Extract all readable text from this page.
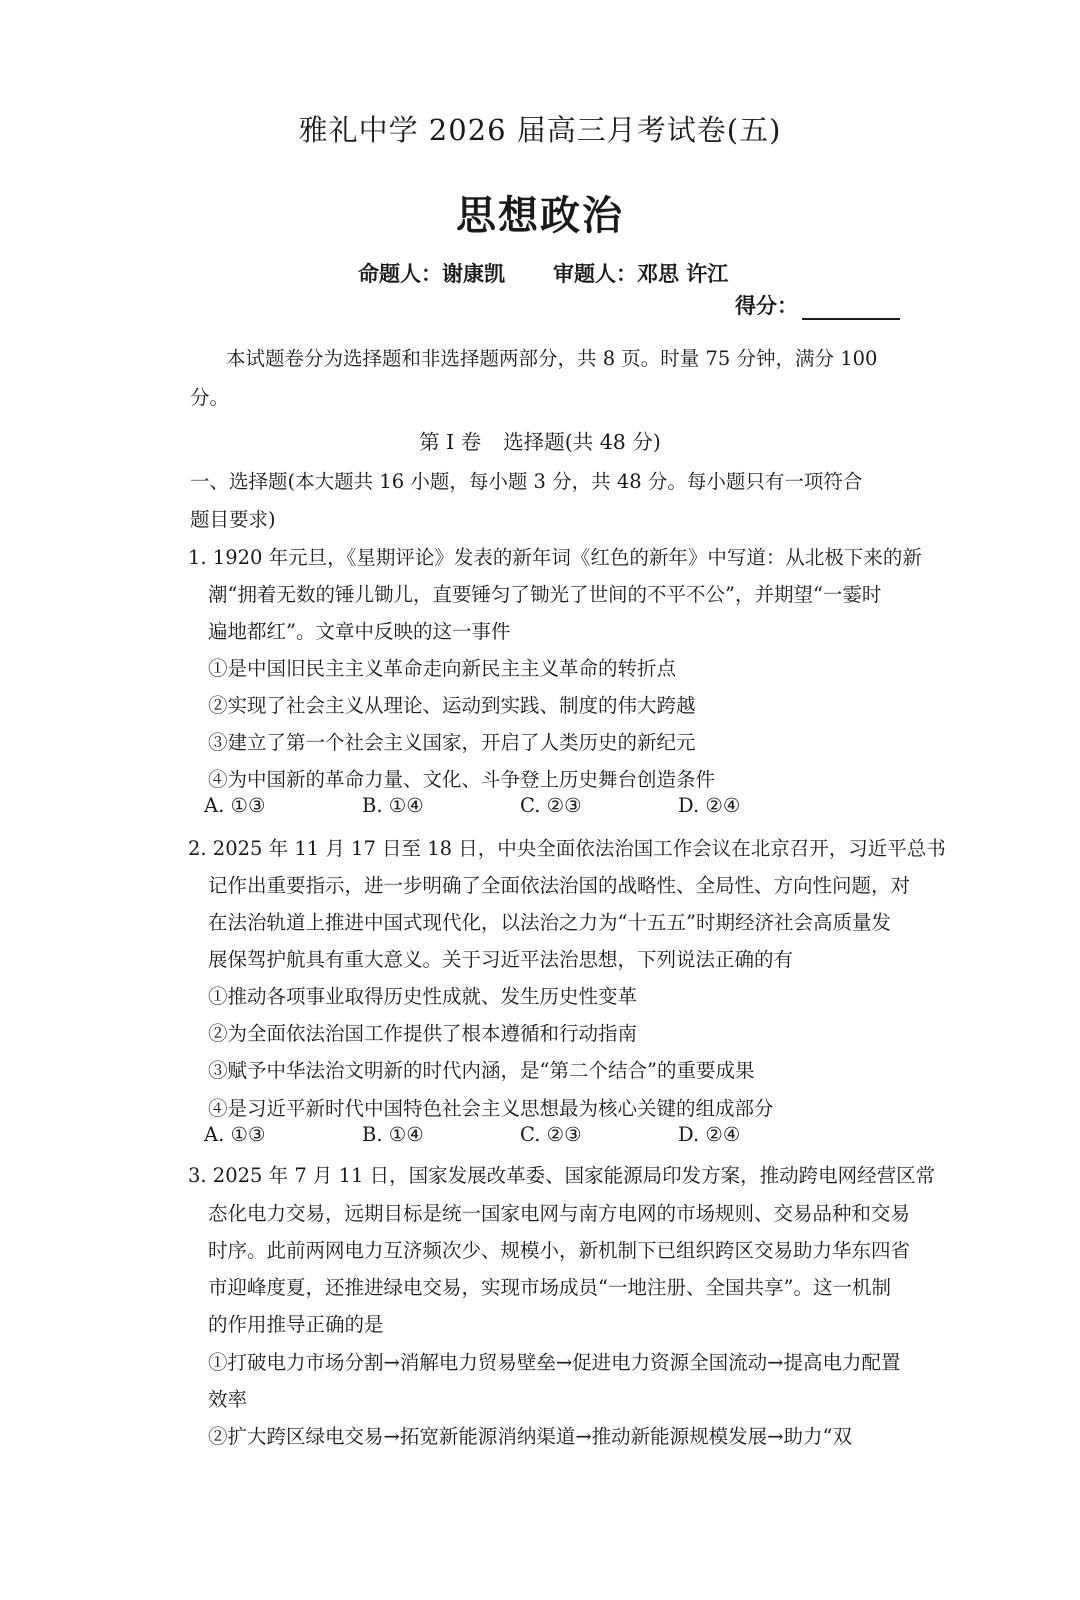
雅礼中学 2026 届高三月考试卷(五)
思想政治
命题人：谢康凯 审题人：邓思 许江
得分：
本试题卷分为选择题和非选择题两部分，共 8 页。时量 75 分钟，满分 100
分。
第 Ⅰ 卷 选择题(共 48 分)
一、选择题(本大题共 16 小题，每小题 3 分，共 48 分。每小题只有一项符合
题目要求)
1. 1920 年元旦，《星期评论》发表的新年词《红色的新年》中写道：从北极下来的新
潮“拥着无数的锤儿锄儿，直要锤匀了锄光了世间的不平不公”，并期望“一霎时
遍地都红”。文章中反映的这一事件
①是中国旧民主主义革命走向新民主主义革命的转折点
②实现了社会主义从理论、运动到实践、制度的伟大跨越
③建立了第一个社会主义国家，开启了人类历史的新纪元
④为中国新的革命力量、文化、斗争登上历史舞台创造条件
A. ①③	B. ①④	C. ②③	D. ②④
2. 2025 年 11 月 17 日至 18 日，中央全面依法治国工作会议在北京召开，习近平总书
记作出重要指示，进一步明确了全面依法治国的战略性、全局性、方向性问题，对
在法治轨道上推进中国式现代化，以法治之力为“十五五”时期经济社会高质量发
展保驾护航具有重大意义。关于习近平法治思想，下列说法正确的有
①推动各项事业取得历史性成就、发生历史性变革
②为全面依法治国工作提供了根本遵循和行动指南
③赋予中华法治文明新的时代内涵，是“第二个结合”的重要成果
④是习近平新时代中国特色社会主义思想最为核心关键的组成部分
A. ①③	B. ①④	C. ②③	D. ②④
3. 2025 年 7 月 11 日，国家发展改革委、国家能源局印发方案，推动跨电网经营区常
态化电力交易，远期目标是统一国家电网与南方电网的市场规则、交易品种和交易
时序。此前两网电力互济频次少、规模小，新机制下已组织跨区交易助力华东四省
市迎峰度夏，还推进绿电交易，实现市场成员“一地注册、全国共享”。这一机制
的作用推导正确的是
①打破电力市场分割→消解电力贸易壁垒→促进电力资源全国流动→提高电力配置
效率
②扩大跨区绿电交易→拓宽新能源消纳渠道→推动新能源规模发展→助力“双
